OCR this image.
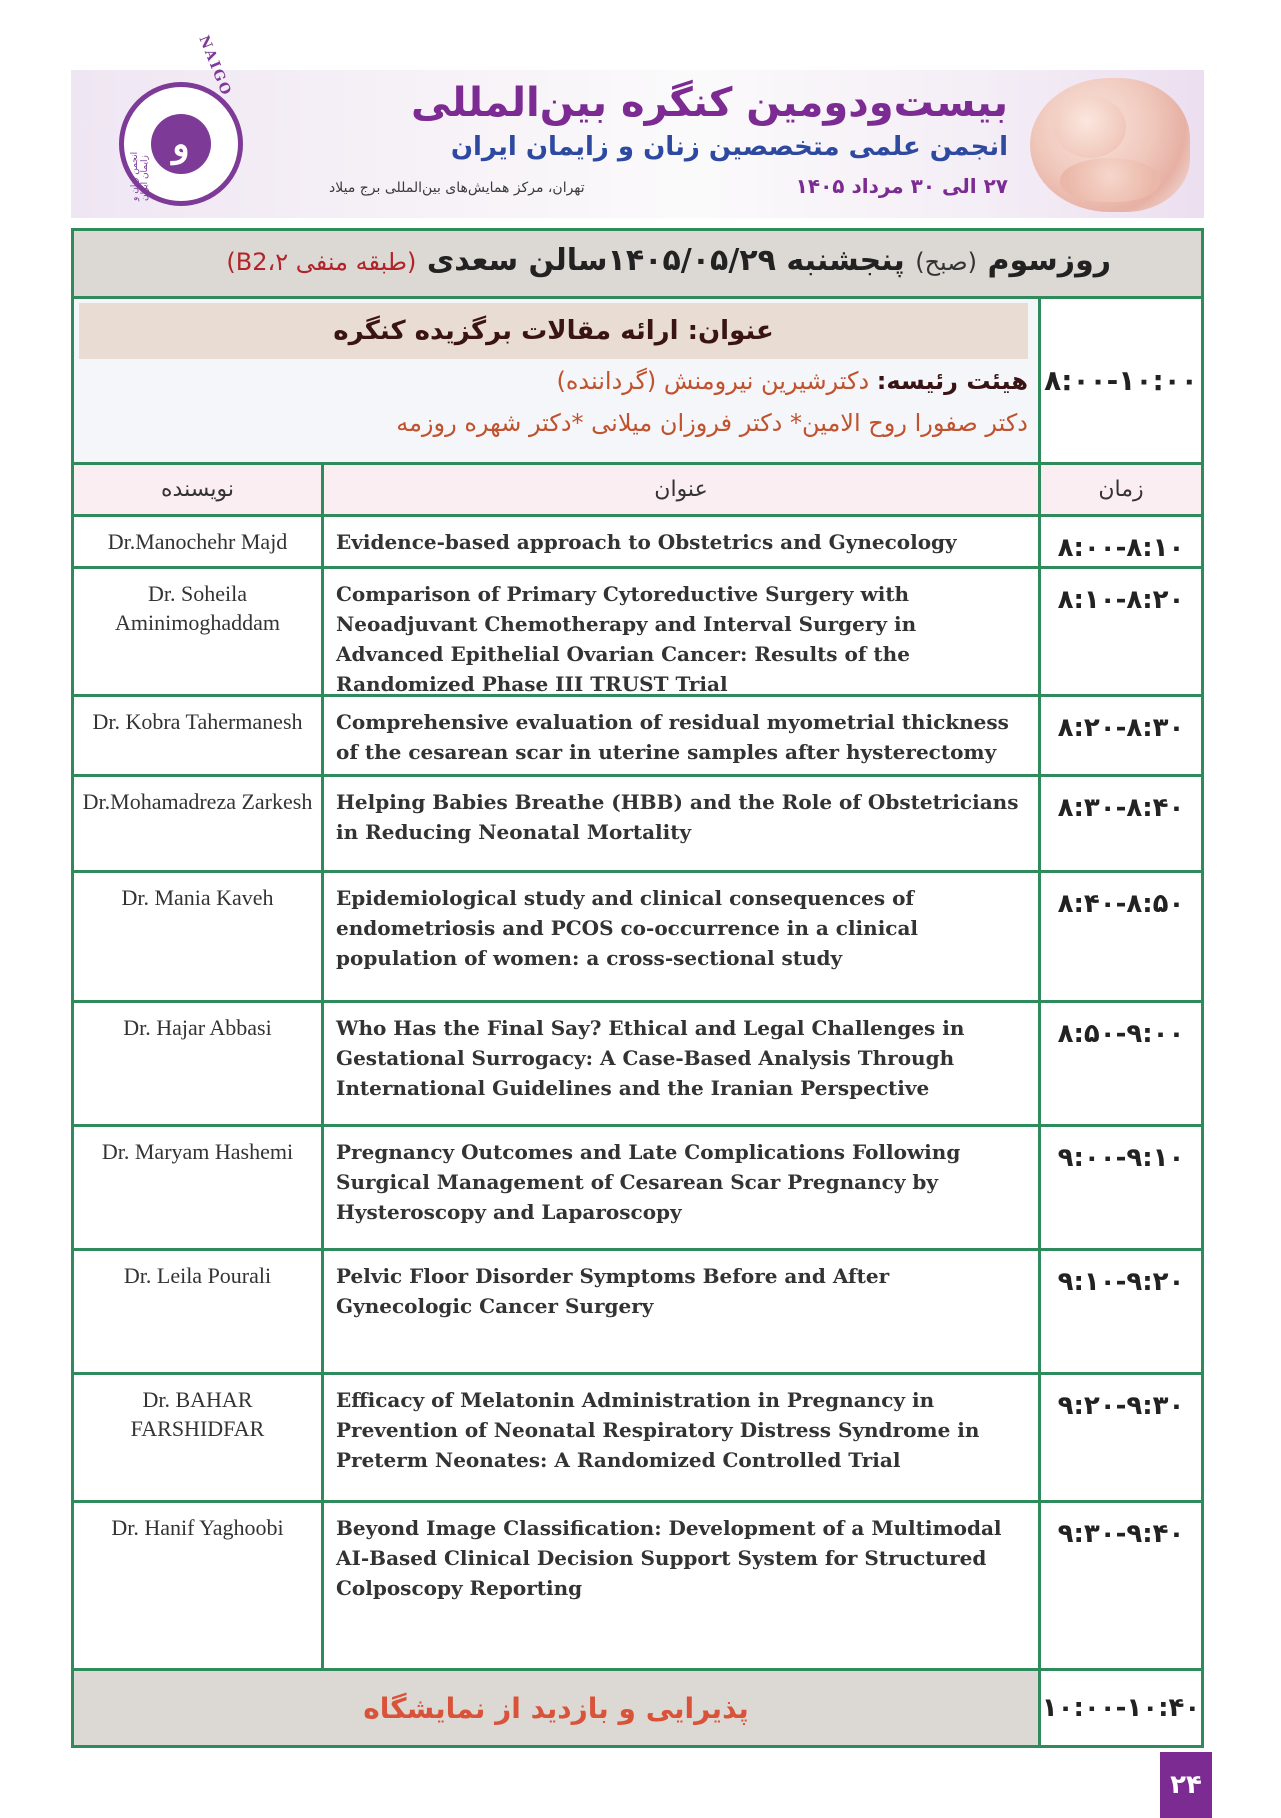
و
NAIGO
انجمن زنان و زایمان ایران
بیست‌ودومین کنگره بین‌المللی
انجمن علمی متخصصین زنان و زایمان ایران
۲۷ الی ۳۰ مرداد ۱۴۰۵
تهران، مرکز همایش‌های بین‌المللی برج میلاد
روزسوم (صبح) پنجشنبه ۱۴۰۵/۰۵/۲۹سالن سعدی (طبقه منفی B2،۲)
۸:۰۰-۱۰:۰۰
عنوان: ارائه مقالات برگزیده کنگره
هیئت رئیسه: دکترشیرین نیرومنش (گرداننده)
دکتر صفورا روح الامین* دکتر فروزان میلانی *دکتر شهره روزمه
زمان
عنوان
نویسنده
۸:۰۰-۸:۱۰
Evidence-based approach to Obstetrics and Gynecology
Dr.Manochehr Majd
۸:۱۰-۸:۲۰
Comparison of Primary Cytoreductive Surgery with Neoadjuvant Chemotherapy and Interval Surgery in Advanced Epithelial Ovarian Cancer: Results of the Randomized Phase III TRUST Trial
Dr. Soheila Aminimoghaddam
۸:۲۰-۸:۳۰
Comprehensive evaluation of residual myometrial thickness of the cesarean scar in uterine samples after hysterectomy
Dr. Kobra Tahermanesh
۸:۳۰-۸:۴۰
Helping Babies Breathe (HBB) and the Role of Obstetricians in Reducing Neonatal Mortality
Dr.Mohamadreza Zarkesh
۸:۴۰-۸:۵۰
Epidemiological study and clinical consequences of endometriosis and PCOS co-occurrence in a clinical population of women: a cross-sectional study
Dr. Mania Kaveh
۸:۵۰-۹:۰۰
Who Has the Final Say? Ethical and Legal Challenges in Gestational Surrogacy: A Case-Based Analysis Through International Guidelines and the Iranian Perspective
Dr. Hajar Abbasi
۹:۰۰-۹:۱۰
Pregnancy Outcomes and Late Complications Following Surgical Management of Cesarean Scar Pregnancy by Hysteroscopy and Laparoscopy
Dr. Maryam Hashemi
۹:۱۰-۹:۲۰
Pelvic Floor Disorder Symptoms Before and After Gynecologic Cancer Surgery
Dr. Leila Pourali
۹:۲۰-۹:۳۰
Efficacy of Melatonin Administration in Pregnancy in Prevention of Neonatal Respiratory Distress Syndrome in Preterm Neonates: A Randomized Controlled Trial
Dr. BAHAR FARSHIDFAR
۹:۳۰-۹:۴۰
Beyond Image Classification: Development of a Multimodal AI-Based Clinical Decision Support System for Structured Colposcopy Reporting
Dr. Hanif Yaghoobi
۱۰:۰۰-۱۰:۴۰
پذیرایی و بازدید از نمایشگاه
۲۴
